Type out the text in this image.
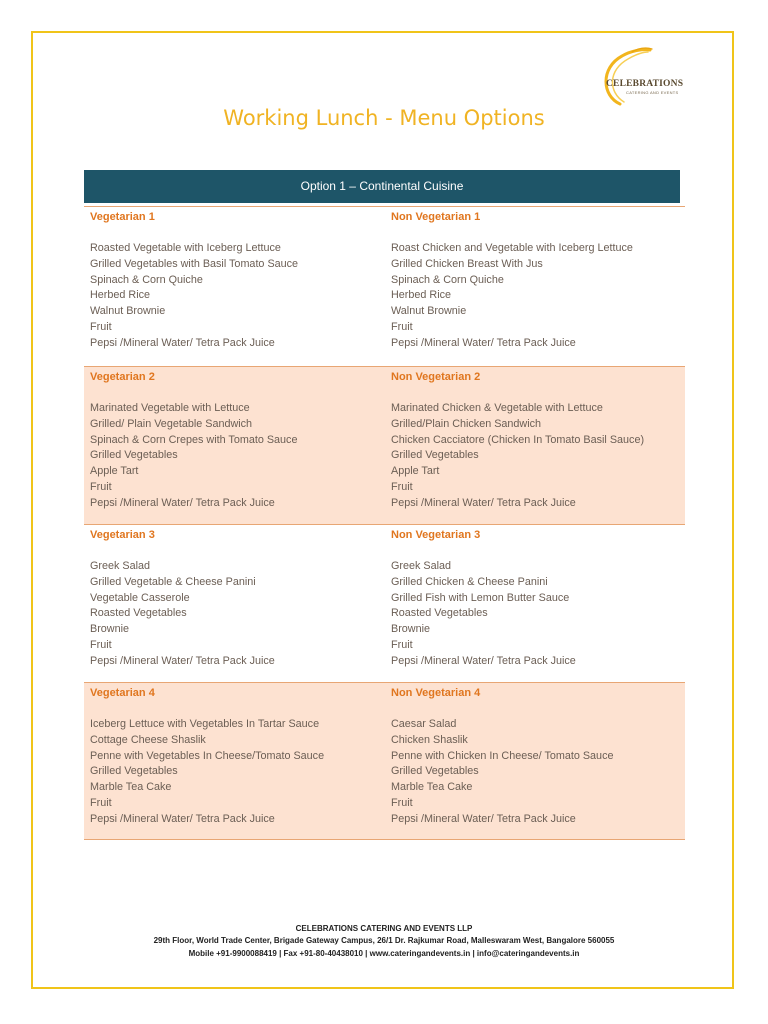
CELEBRATIONS
CATERING AND EVENTS
Working Lunch - Menu Options
Option 1 – Continental Cuisine
Vegetarian 1
Roasted Vegetable with Iceberg Lettuce
Grilled Vegetables with Basil Tomato Sauce
Spinach & Corn Quiche
Herbed Rice
Walnut Brownie
Fruit
Pepsi /Mineral Water/ Tetra Pack Juice
Non Vegetarian 1
Roast Chicken and Vegetable with Iceberg Lettuce
Grilled Chicken Breast With Jus
Spinach & Corn Quiche
Herbed Rice
Walnut Brownie
Fruit
Pepsi /Mineral Water/ Tetra Pack Juice
Vegetarian 2
Marinated Vegetable with Lettuce
Grilled/ Plain Vegetable Sandwich
Spinach & Corn Crepes with Tomato Sauce
Grilled Vegetables
Apple Tart
Fruit
Pepsi /Mineral Water/ Tetra Pack Juice
Non Vegetarian 2
Marinated Chicken & Vegetable with Lettuce
Grilled/Plain Chicken Sandwich
Chicken Cacciatore (Chicken In Tomato Basil Sauce)
Grilled Vegetables
Apple Tart
Fruit
Pepsi /Mineral Water/ Tetra Pack Juice
Vegetarian 3
Greek Salad
Grilled Vegetable & Cheese Panini
Vegetable Casserole
Roasted Vegetables
Brownie
Fruit
Pepsi /Mineral Water/ Tetra Pack Juice
Non Vegetarian 3
Greek Salad
Grilled Chicken & Cheese Panini
Grilled Fish with Lemon Butter Sauce
Roasted Vegetables
Brownie
Fruit
Pepsi /Mineral Water/ Tetra Pack Juice
Vegetarian 4
Iceberg Lettuce with Vegetables In Tartar Sauce
Cottage Cheese Shaslik
Penne with Vegetables In Cheese/Tomato Sauce
Grilled Vegetables
Marble Tea Cake
Fruit
Pepsi /Mineral Water/ Tetra Pack Juice
Non Vegetarian 4
Caesar Salad
Chicken Shaslik
Penne with Chicken In Cheese/ Tomato Sauce
Grilled Vegetables
Marble Tea Cake
Fruit
Pepsi /Mineral Water/ Tetra Pack Juice
CELEBRATIONS CATERING AND EVENTS LLP
29th Floor, World Trade Center, Brigade Gateway Campus, 26/1 Dr. Rajkumar Road, Malleswaram West, Bangalore 560055
Mobile +91-9900088419 | Fax +91-80-40438010 | www.cateringandevents.in | info@cateringandevents.in
